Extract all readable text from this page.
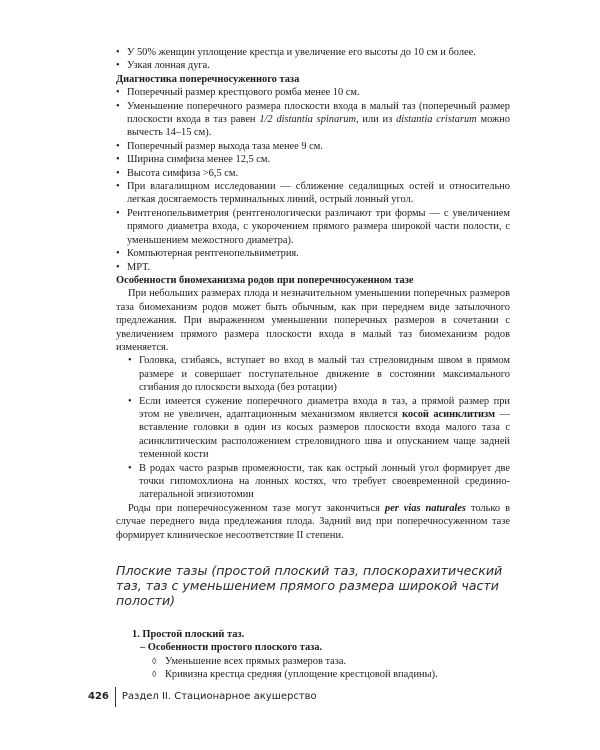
• У 50% женщин уплощение крестца и увеличение его высоты до 10 см и более.
• Узкая лонная дуга.

Диагностика поперечносуженного таза

• Поперечный размер крестцового ромба менее 10 см.
• Уменьшение поперечного размера плоскости входа в малый таз (поперечный размер плоскости входа в таз равен 1/2 distantia spinarum, или из distantia cristarum можно вычесть 14–15 см).
• Поперечный размер выхода таза менее 9 см.
• Ширина симфиза менее 12,5 см.
• Высота симфиза >6,5 см.
• При влагалищном исследовании — сближение седалищных остей и относительно легкая досягаемость терминальных линий, острый лонный угол.
• Рентгенопельвиметрия (рентгенологически различают три формы — с увеличением прямого диаметра входа, с укорочением прямого размера широкой части полости, с уменьшением межостного диаметра).
• Компьютерная рентгенопельвиметрия.
• МРТ.

Особенности биомеханизма родов при поперечносуженном тазе

При небольших размерах плода и незначительном уменьшении поперечных размеров таза биомеханизм родов может быть обычным, как при переднем виде затылочного предлежания. При выраженном уменьшении поперечных размеров в сочетании с увеличением прямого размера плоскости входа в малый таз биомеханизм родов изменяется.

• Головка, сгибаясь, вступает во вход в малый таз стреловидным швом в прямом размере и совершает поступательное движение в состоянии максимального сгибания до плоскости выхода (без ротации)
• Если имеется сужение поперечного диаметра входа в таз, а прямой размер при этом не увеличен, адаптационным механизмом является косой асинклитизм — вставление головки в один из косых размеров плоскости входа малого таза с асинклитическим расположением стреловидного шва и опусканием чаще задней теменной кости
• В родах часто разрыв промежности, так как острый лонный угол формирует две точки гипомохлиона на лонных костях, что требует своевременной срединно-латеральной эпизиотомии

Роды при поперечносуженном тазе могут закончиться per vias naturales только в случае переднего вида предлежания плода. Задний вид при поперечносуженном тазе формирует клиническое несоответствие II степени.

Плоские тазы (простой плоский таз, плоскорахитический таз, таз с уменьшением прямого размера широкой части полости)

1. Простой плоский таз.

– Особенности простого плоского таза.

◊ Уменьшение всех прямых размеров таза.
◊ Кривизна крестца средняя (уплощение крестцовой впадины).
426 Раздел II. Стационарное акушерство
